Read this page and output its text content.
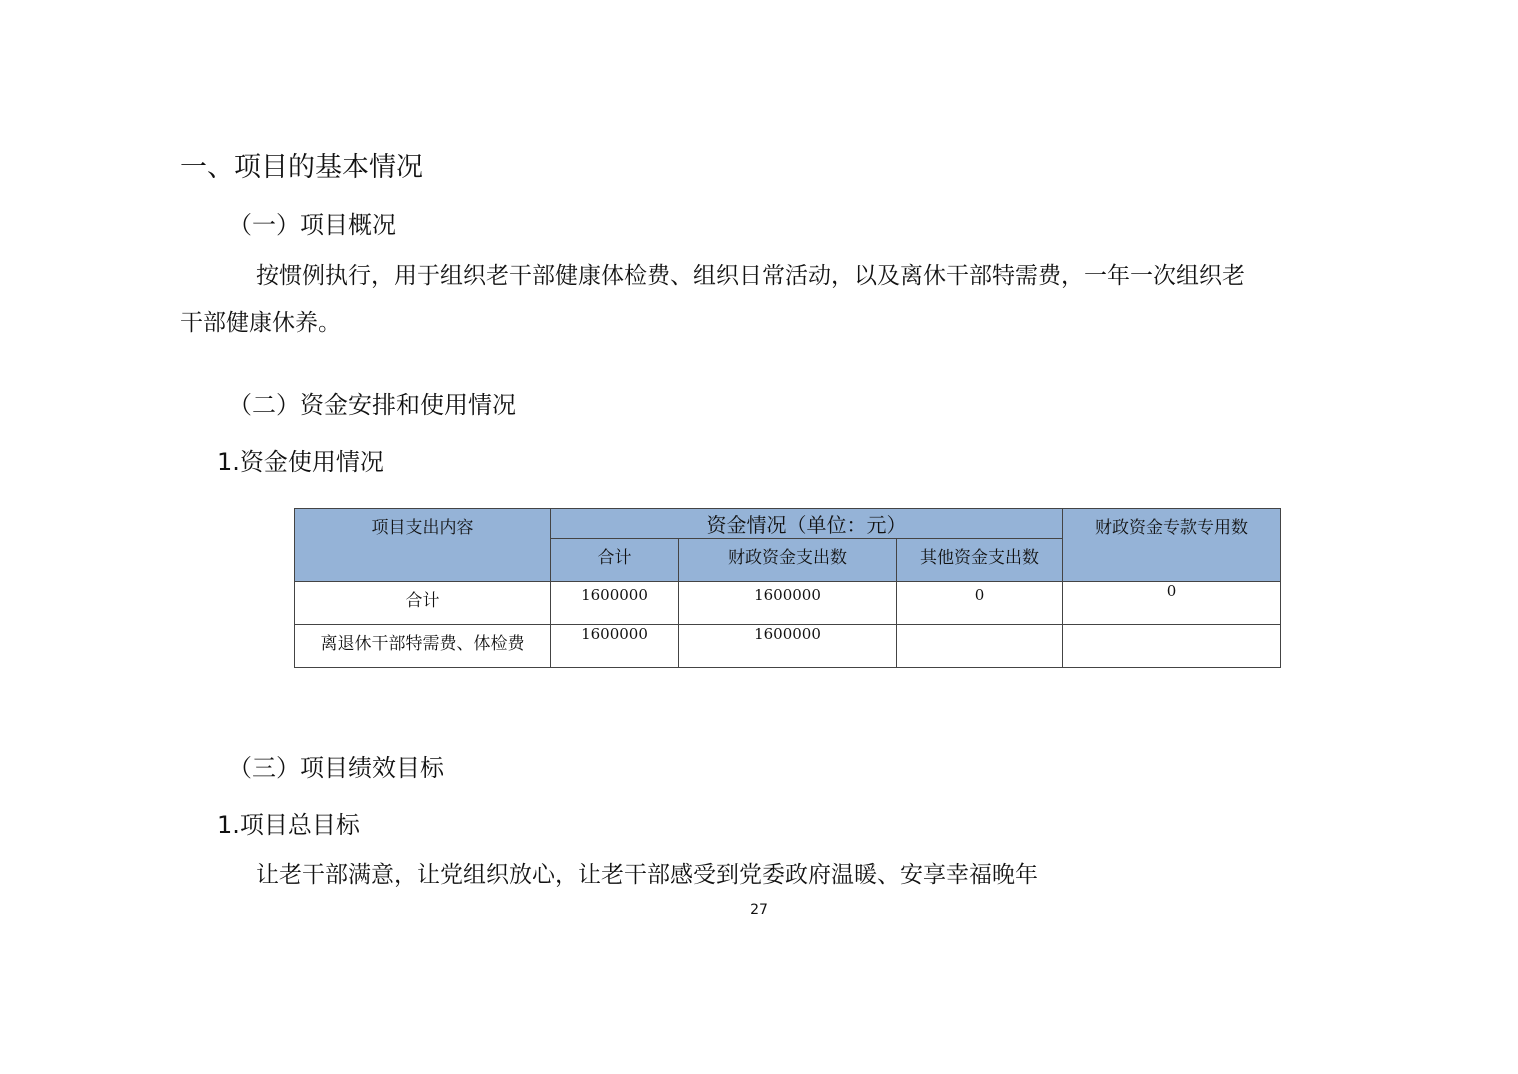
一、项目的基本情况
（一）项目概况
按惯例执行，用于组织老干部健康体检费、组织日常活动，以及离休干部特需费，一年一次组织老
干部健康休养。
（二）资金安排和使用情况
1.资金使用情况
项目支出内容	资金情况（单位：元）			财政资金专款专用数
	合计	财政资金支出数	其他资金支出数	
合计	1600000	1600000	0	0
离退休干部特需费、体检费	1600000	1600000		
（三）项目绩效目标
1.项目总目标
让老干部满意，让党组织放心，让老干部感受到党委政府温暖、安享幸福晚年
27
